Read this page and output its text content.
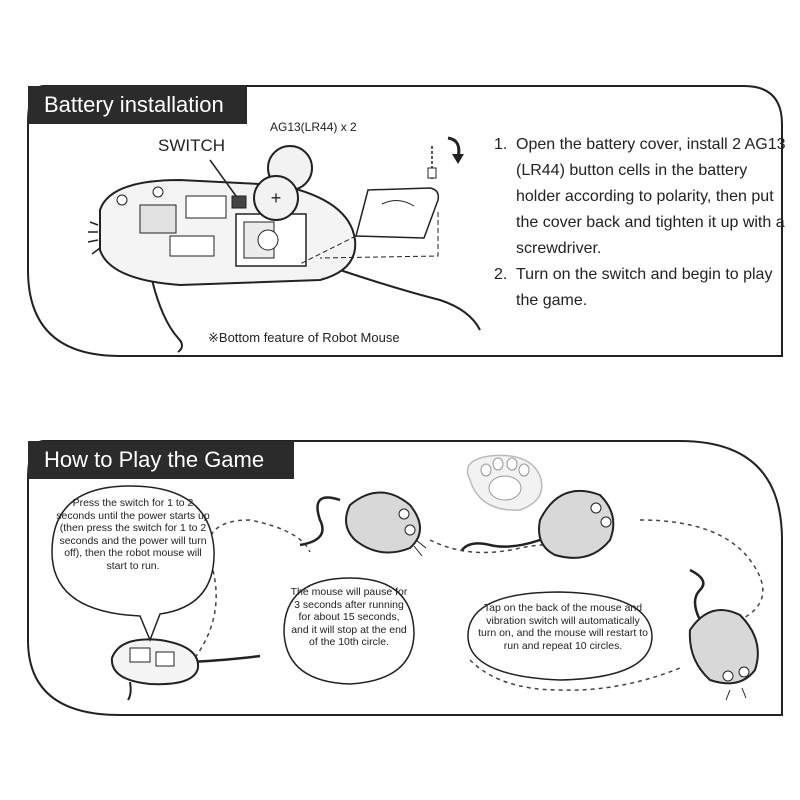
Battery installation
+
SWITCH
AG13(LR44) x 2
※Bottom feature of Robot Mouse

1. Open the battery cover, install 2 AG13 (LR44) button cells in the battery holder according to polarity, then put the cover back and tighten it up with a screwdriver.

2. Turn on the switch and begin to play the game.

How to Play the Game
Press the switch for 1 to 2 seconds until the power starts up (then press the switch for 1 to 2 seconds and the power will turn off), then the robot mouse will start to run.
The mouse will pause for 3 seconds after running for about 15 seconds, and it will stop at the end of the 10th circle.
Tap on the back of the mouse and vibration switch will automatically turn on, and the mouse will restart to run and repeat 10 circles.
